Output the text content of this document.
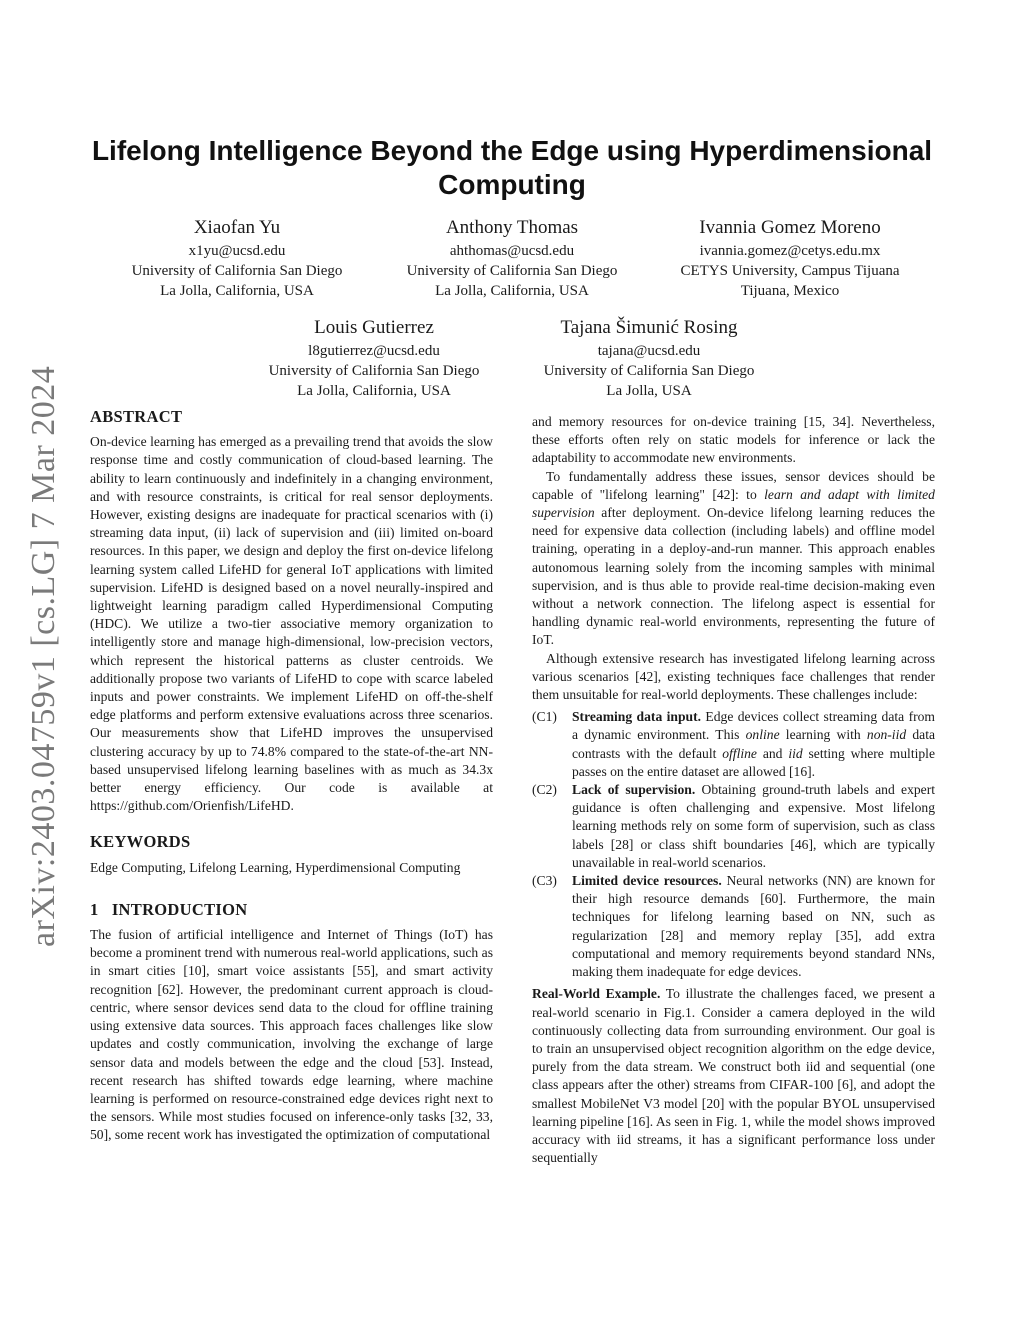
arXiv:2403.04759v1 [cs.LG] 7 Mar 2024
Lifelong Intelligence Beyond the Edge using Hyperdimensional Computing
Xiaofan Yu
x1yu@ucsd.edu
University of California San Diego
La Jolla, California, USA
Anthony Thomas
ahthomas@ucsd.edu
University of California San Diego
La Jolla, California, USA
Ivannia Gomez Moreno
ivannia.gomez@cetys.edu.mx
CETYS University, Campus Tijuana
Tijuana, Mexico
Louis Gutierrez
l8gutierrez@ucsd.edu
University of California San Diego
La Jolla, California, USA
Tajana Šimunić Rosing
tajana@ucsd.edu
University of California San Diego
La Jolla, USA
ABSTRACT

On-device learning has emerged as a prevailing trend that avoids the slow response time and costly communication of cloud-based learning. The ability to learn continuously and indefinitely in a changing environment, and with resource constraints, is critical for real sensor deployments. However, existing designs are inadequate for practical scenarios with (i) streaming data input, (ii) lack of supervision and (iii) limited on-board resources. In this paper, we design and deploy the first on-device lifelong learning system called LifeHD for general IoT applications with limited supervision. LifeHD is designed based on a novel neurally-inspired and lightweight learning paradigm called Hyperdimensional Computing (HDC). We utilize a two-tier associative memory organization to intelligently store and manage high-dimensional, low-precision vectors, which represent the historical patterns as cluster centroids. We additionally propose two variants of LifeHD to cope with scarce labeled inputs and power constraints. We implement LifeHD on off-the-shelf edge platforms and perform extensive evaluations across three scenarios. Our measurements show that LifeHD improves the unsupervised clustering accuracy by up to 74.8% compared to the state-of-the-art NN-based unsupervised lifelong learning baselines with as much as 34.3x better energy efficiency. Our code is available at https://github.com/Orienfish/LifeHD.

KEYWORDS

Edge Computing, Lifelong Learning, Hyperdimensional Computing

1   INTRODUCTION

The fusion of artificial intelligence and Internet of Things (IoT) has become a prominent trend with numerous real-world applications, such as in smart cities [10], smart voice assistants [55], and smart activity recognition [62]. However, the predominant current approach is cloud-centric, where sensor devices send data to the cloud for offline training using extensive data sources. This approach faces challenges like slow updates and costly communication, involving the exchange of large sensor data and models between the edge and the cloud [53]. Instead, recent research has shifted towards edge learning, where machine learning is performed on resource-constrained edge devices right next to the sensors. While most studies focused on inference-only tasks [32, 33, 50], some recent work has investigated the optimization of computational

and memory resources for on-device training [15, 34]. Nevertheless, these efforts often rely on static models for inference or lack the adaptability to accommodate new environments.

To fundamentally address these issues, sensor devices should be capable of "lifelong learning" [42]: to learn and adapt with limited supervision after deployment. On-device lifelong learning reduces the need for expensive data collection (including labels) and offline model training, operating in a deploy-and-run manner. This approach enables autonomous learning solely from the incoming samples with minimal supervision, and is thus able to provide real-time decision-making even without a network connection. The lifelong aspect is essential for handling dynamic real-world environments, representing the future of IoT.

Although extensive research has investigated lifelong learning across various scenarios [42], existing techniques face challenges that render them unsuitable for real-world deployments. These challenges include:

(C1)	Streaming data input. Edge devices collect streaming data from a dynamic environment. This online learning with non-iid data contrasts with the default offline and iid setting where multiple passes on the entire dataset are allowed [16].
(C2)	Lack of supervision. Obtaining ground-truth labels and expert guidance is often challenging and expensive. Most lifelong learning methods rely on some form of supervision, such as class labels [28] or class shift boundaries [46], which are typically unavailable in real-world scenarios.
(C3)	Limited device resources. Neural networks (NN) are known for their high resource demands [60]. Furthermore, the main techniques for lifelong learning based on NN, such as regularization [28] and memory replay [35], add extra computational and memory requirements beyond standard NNs, making them inadequate for edge devices.

Real-World Example. To illustrate the challenges faced, we present a real-world scenario in Fig.1. Consider a camera deployed in the wild continuously collecting data from surrounding environment. Our goal is to train an unsupervised object recognition algorithm on the edge device, purely from the data stream. We construct both iid and sequential (one class appears after the other) streams from CIFAR-100 [6], and adopt the smallest MobileNet V3 model [20] with the popular BYOL unsupervised learning pipeline [16]. As seen in Fig. 1, while the model shows improved accuracy with iid streams, it has a significant performance loss under sequentially
